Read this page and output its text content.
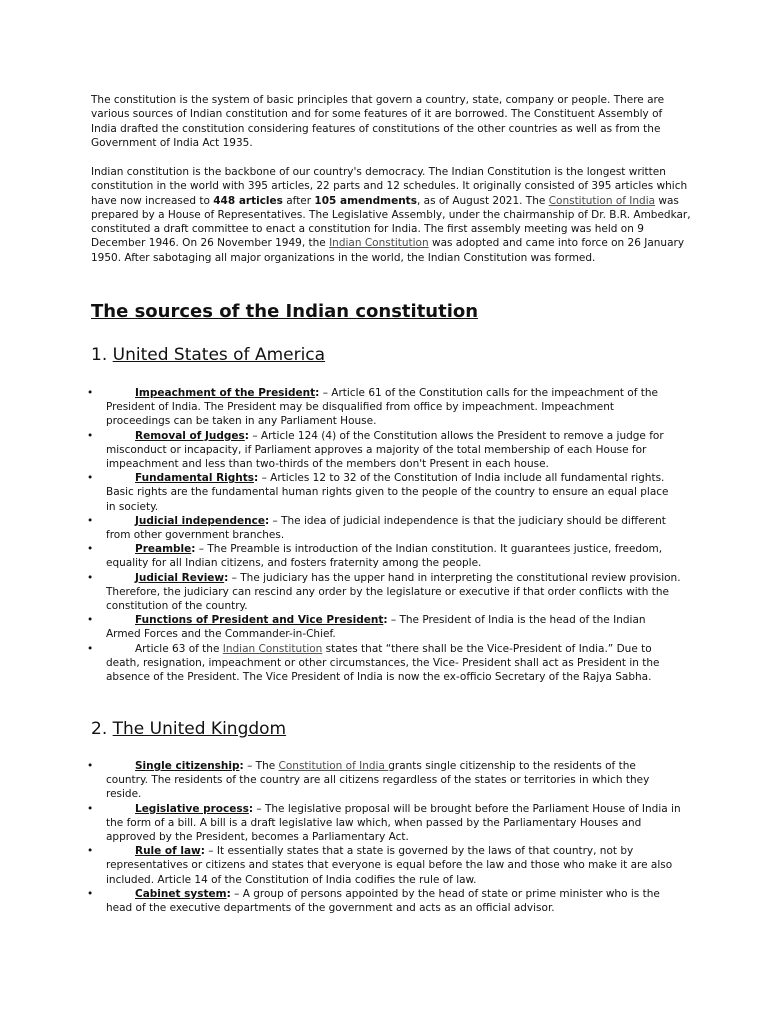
The constitution is the system of basic principles that govern a country, state, company or people. There are various sources of Indian constitution and for some features of it are borrowed. The Constituent Assembly of India drafted the constitution considering features of constitutions of the other countries as well as from the Government of India Act 1935.

Indian constitution is the backbone of our country's democracy. The Indian Constitution is the longest written constitution in the world with 395 articles, 22 parts and 12 schedules. It originally consisted of 395 articles which have now increased to 448 articles after 105 amendments, as of August 2021. The Constitution of India was prepared by a House of Representatives. The Legislative Assembly, under the chairmanship of Dr. B.R. Ambedkar, constituted a draft committee to enact a constitution for India. The first assembly meeting was held on 9 December 1946. On 26 November 1949, the Indian Constitution was adopted and came into force on 26 January 1950. After sabotaging all major organizations in the world, the Indian Constitution was formed.

The sources of the Indian constitution
1. United States of America
•	Impeachment of the President: – Article 61 of the Constitution calls for the impeachment of the President of India. The President may be disqualified from office by impeachment. Impeachment proceedings can be taken in any Parliament House.
•	Removal of Judges: – Article 124 (4) of the Constitution allows the President to remove a judge for misconduct or incapacity, if Parliament approves a majority of the total membership of each House for impeachment and less than two-thirds of the members don't Present in each house.
•	Fundamental Rights: – Articles 12 to 32 of the Constitution of India include all fundamental rights. Basic rights are the fundamental human rights given to the people of the country to ensure an equal place in society.
•	Judicial independence: – The idea of judicial independence is that the judiciary should be different from other government branches.
•	Preamble: – The Preamble is introduction of the Indian constitution. It guarantees justice, freedom, equality for all Indian citizens, and fosters fraternity among the people.
•	Judicial Review: – The judiciary has the upper hand in interpreting the constitutional review provision. Therefore, the judiciary can rescind any order by the legislature or executive if that order conflicts with the constitution of the country.
•	Functions of President and Vice President: – The President of India is the head of the Indian Armed Forces and the Commander-in-Chief.
•	Article 63 of the Indian Constitution states that “there shall be the Vice-President of India.” Due to death, resignation, impeachment or other circumstances, the Vice- President shall act as President in the absence of the President. The Vice President of India is now the ex-officio Secretary of the Rajya Sabha.
2. The United Kingdom
•	Single citizenship: – The Constitution of India grants single citizenship to the residents of the country. The residents of the country are all citizens regardless of the states or territories in which they reside.
•	Legislative process: – The legislative proposal will be brought before the Parliament House of India in the form of a bill. A bill is a draft legislative law which, when passed by the Parliamentary Houses and approved by the President, becomes a Parliamentary Act.
•	Rule of law: – It essentially states that a state is governed by the laws of that country, not by representatives or citizens and states that everyone is equal before the law and those who make it are also included. Article 14 of the Constitution of India codifies the rule of law.
•	Cabinet system: – A group of persons appointed by the head of state or prime minister who is the head of the executive departments of the government and acts as an official advisor.
